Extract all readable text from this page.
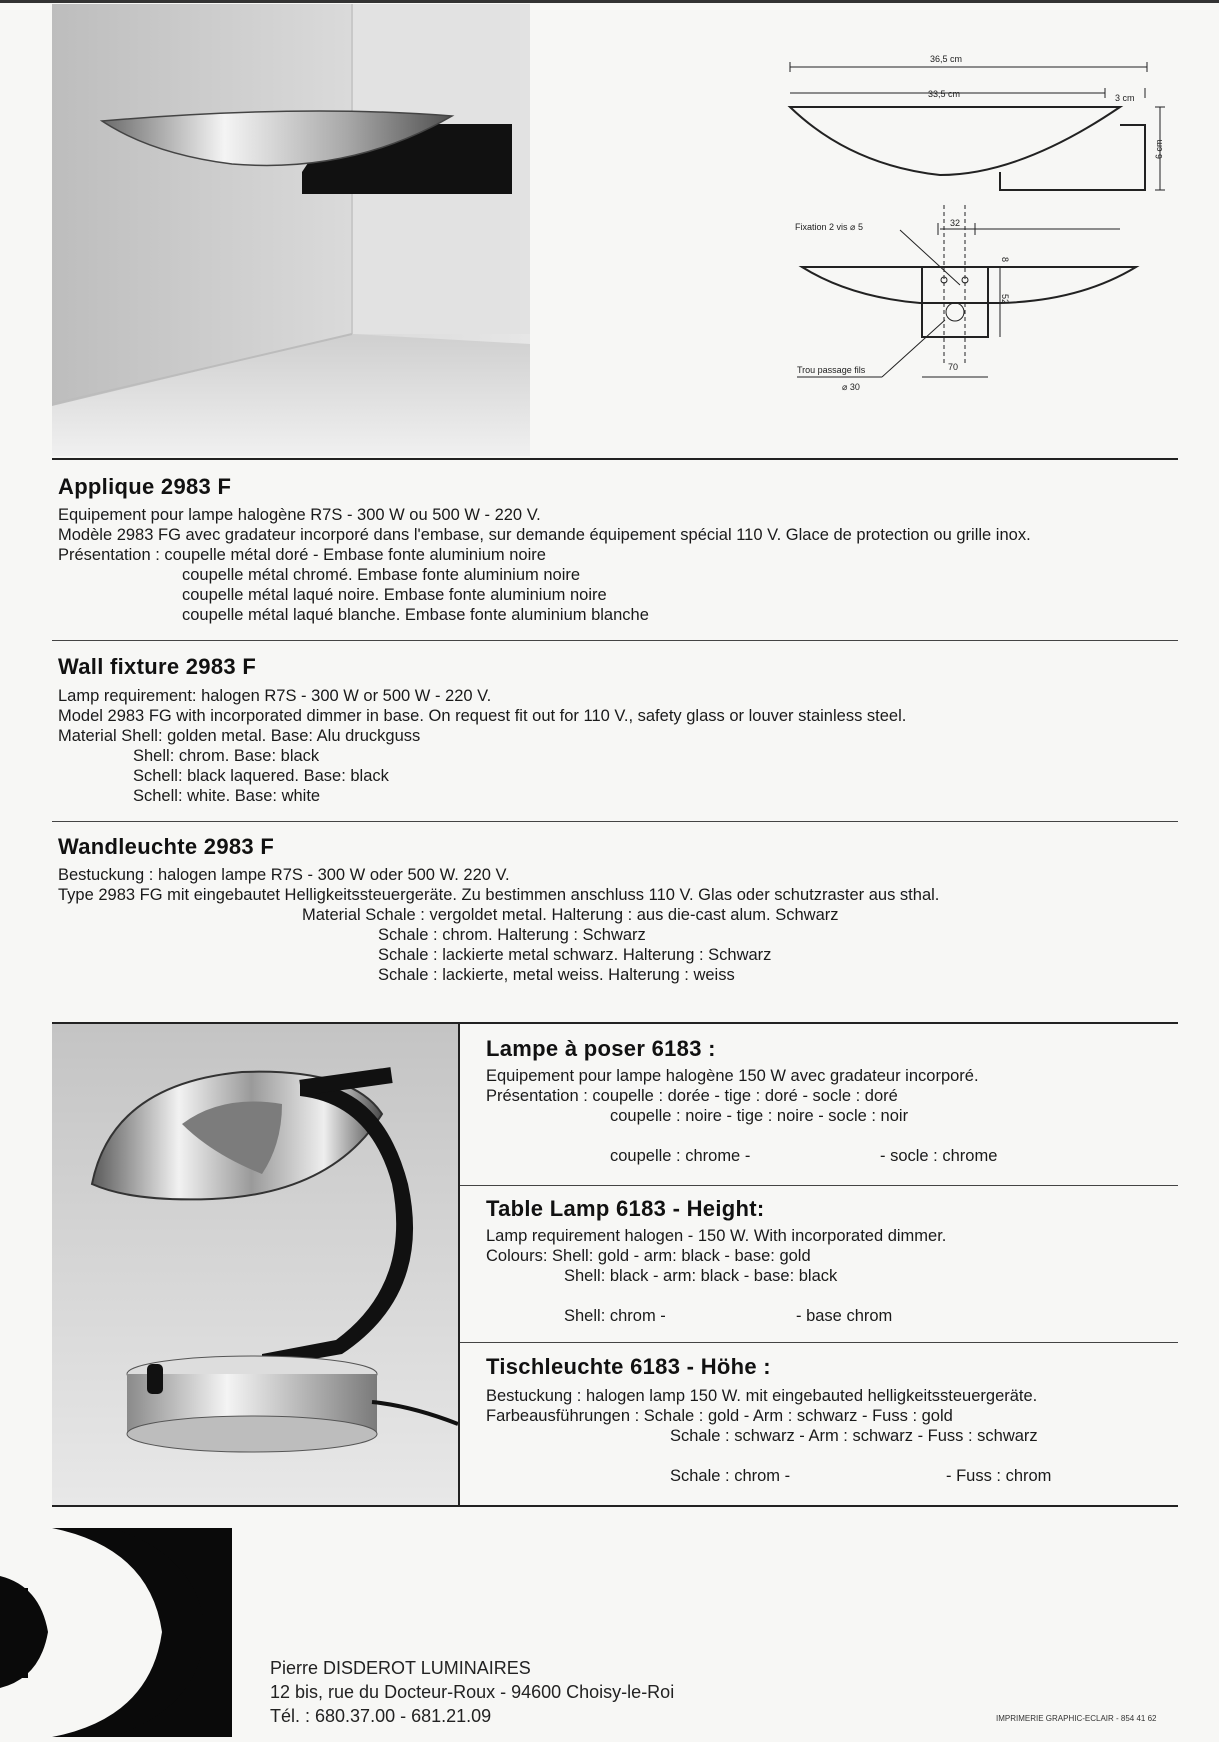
36,5 cm
33,5 cm	3 cm
6 cm
Fixation 2 vis ⌀ 5	32
8
52
Trou passage fils
⌀ 30
70
Applique 2983 F
Equipement pour lampe halogène R7S - 300 W ou 500 W - 220 V.
Modèle 2983 FG avec gradateur incorporé dans l'embase, sur demande équipement spécial 110 V. Glace de protection ou grille inox.
Présentation : coupelle métal doré - Embase fonte aluminium noire
coupelle métal chromé. Embase fonte aluminium noire
coupelle métal laqué noire. Embase fonte aluminium noire
coupelle métal laqué blanche. Embase fonte aluminium blanche
Wall fixture 2983 F
Lamp requirement: halogen R7S - 300 W or 500 W - 220 V.
Model 2983 FG with incorporated dimmer in base. On request fit out for 110 V., safety glass or louver stainless steel.
Material Shell: golden metal. Base: Alu druckguss
Shell: chrom. Base: black
Schell: black laquered. Base: black
Schell: white. Base: white
Wandleuchte 2983 F
Bestuckung : halogen lampe R7S - 300 W oder 500 W. 220 V.
Type 2983 FG mit eingebautet Helligkeitssteuergeräte. Zu bestimmen anschluss 110 V. Glas oder schutzraster aus sthal.
Material Schale : vergoldet metal. Halterung : aus die-cast alum. Schwarz
Schale : chrom. Halterung : Schwarz
Schale : lackierte metal schwarz. Halterung : Schwarz
Schale : lackierte, metal weiss. Halterung : weiss
Lampe à poser 6183 :
Equipement pour lampe halogène 150 W avec gradateur incorporé.
Présentation : coupelle : dorée - tige : doré - socle : doré
coupelle : noire - tige : noire - socle : noir
coupelle : chrome -	- socle : chrome
Table Lamp 6183 - Height:
Lamp requirement halogen - 150 W. With incorporated dimmer.
Colours: Shell: gold - arm: black - base: gold
Shell: black - arm: black - base: black
Shell: chrom -	- base chrom
Tischleuchte 6183 - Höhe :
Bestuckung : halogen lamp 150 W. mit eingebauted helligkeitssteuergeräte.
Farbeausführungen : Schale : gold - Arm : schwarz - Fuss : gold
Schale : schwarz - Arm : schwarz - Fuss : schwarz
Schale : chrom -	- Fuss : chrom
Pierre DISDEROT LUMINAIRES
12 bis, rue du Docteur-Roux - 94600 Choisy-le-Roi
Tél. : 680.37.00 - 681.21.09	IMPRIMERIE GRAPHIC-ECLAIR - 854 41 62
